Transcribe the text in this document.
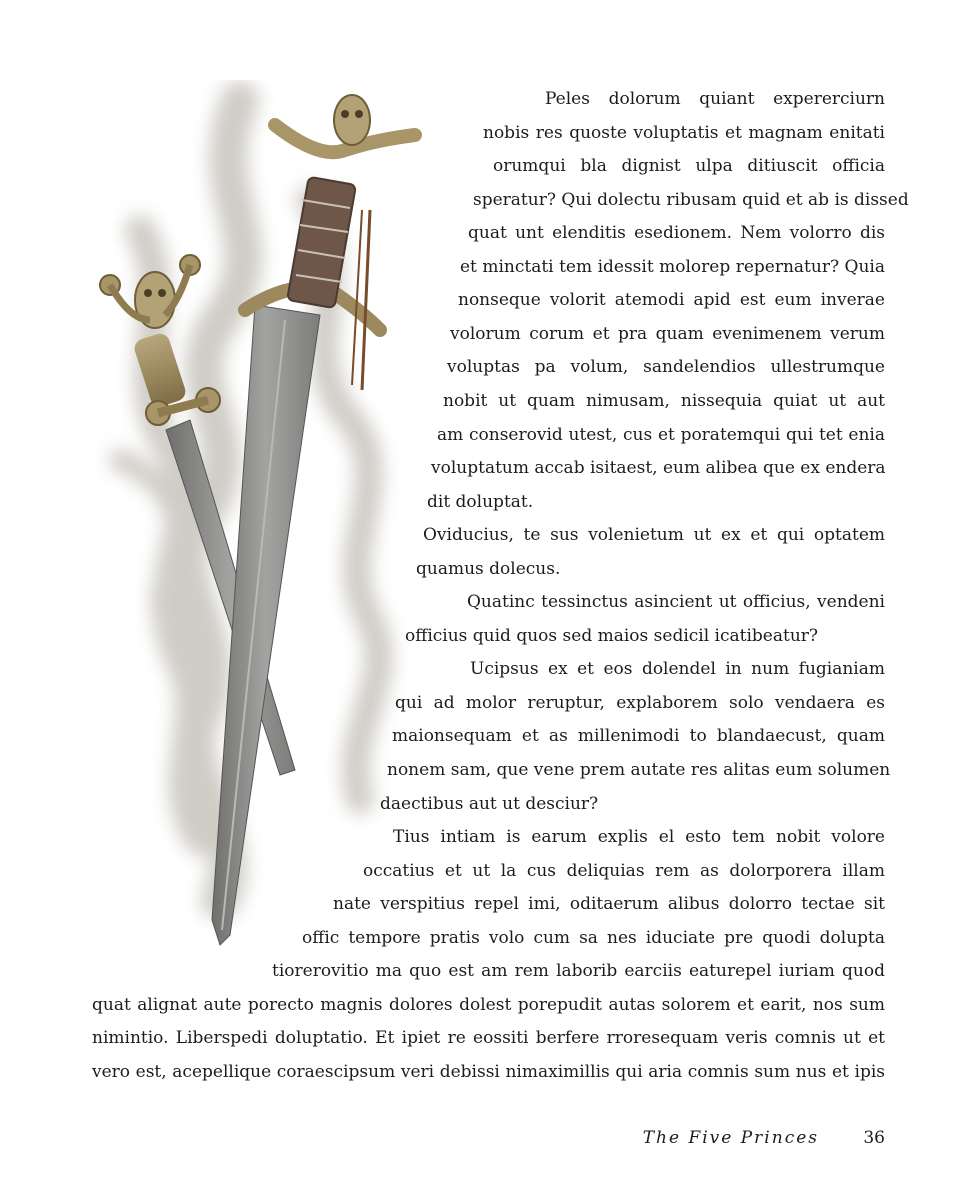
Peles dolorum quiant expererciurn
nobis res quoste voluptatis et magnam enitati
orumqui bla dignist ulpa ditiuscit officia
speratur? Qui dolectu ribusam quid et ab is dissed
quat unt elenditis esedionem. Nem volorro dis
et minctati tem idessit molorep repernatur? Quia
nonseque volorit atemodi apid est eum inverae
volorum corum et pra quam evenimenem verum
voluptas pa volum, sandelendios ullestrumque
nobit ut quam nimusam, nissequia quiat ut aut
am conserovid utest, cus et poratemqui qui tet enia
voluptatum accab isitaest, eum alibea que ex endera
dit doluptat.
Oviducius, te sus volenietum ut ex et qui optatem
quamus dolecus.
Quatinc tessinctus asincient ut officius, vendeni
officius quid quos sed maios sedicil icatibeatur?
Ucipsus ex et eos dolendel in num fugianiam
qui ad molor reruptur, explaborem solo vendaera es
maionsequam et as millenimodi to blandaecust, quam
nonem sam, que vene prem autate res alitas eum solumen
daectibus aut ut desciur?
Tius intiam is earum explis el esto tem nobit volore
occatius et ut la cus deliquias rem as dolorporera illam
nate verspitius repel imi, oditaerum alibus dolorro tectae sit
offic tempore pratis volo cum sa nes iduciate pre quodi dolupta
tiorerovitio ma quo est am rem laborib earciis eaturepel iuriam quod
quat alignat aute porecto magnis dolores dolest porepudit autas solorem et earit, nos sum
nimintio. Liberspedi doluptatio. Et ipiet re eossiti berfere rroresequam veris comnis ut et
vero est, acepellique coraescipsum veri debissi nimaximillis qui aria comnis sum nus et ipis
The Five Princes	36
